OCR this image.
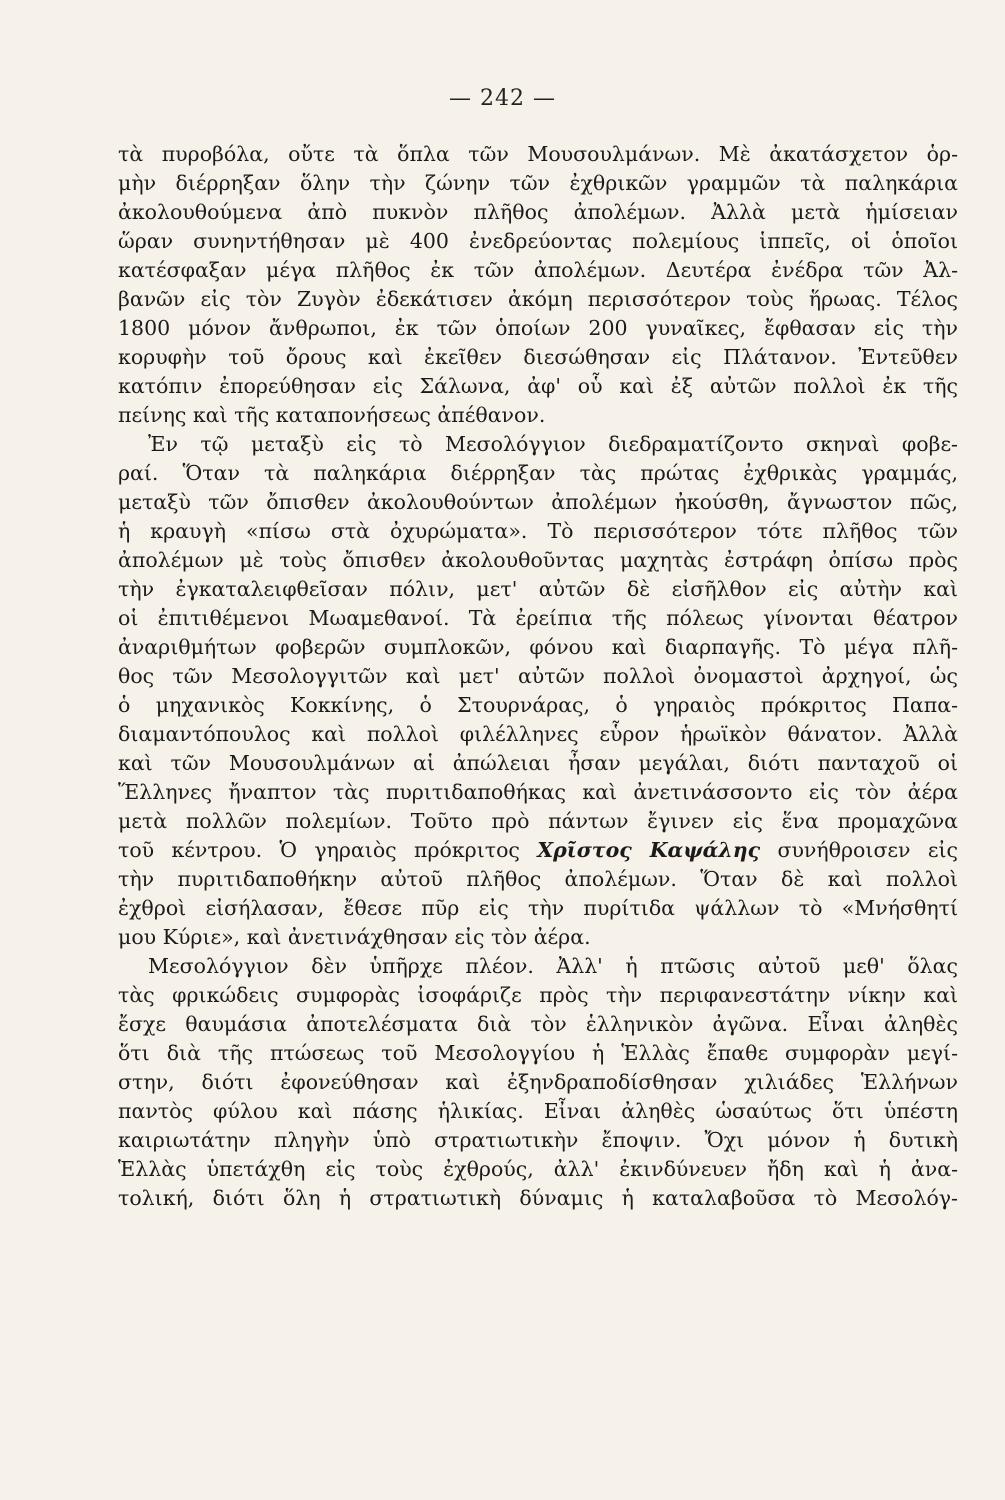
— 242 —
τὰ πυροβόλα, οὔτε τὰ ὅπλα τῶν Μουσουλμάνων. Μὲ ἀκατάσχετον ὁρ-
μὴν διέρρηξαν ὅλην τὴν ζώνην τῶν ἐχθρικῶν γραμμῶν τὰ παληκάρια
ἀκολουθούμενα ἀπὸ πυκνὸν πλῆθος ἀπολέμων. Ἀλλὰ μετὰ ἡμίσειαν
ὥραν συνηντήθησαν μὲ 400 ἐνεδρεύοντας πολεμίους ἱππεῖς, οἱ ὁποῖοι
κατέσφαξαν μέγα πλῆθος ἐκ τῶν ἀπολέμων. Δευτέρα ἐνέδρα τῶν Ἀλ-
βανῶν εἰς τὸν Ζυγὸν ἐδεκάτισεν ἀκόμη περισσότερον τοὺς ἥρωας. Τέλος
1800 μόνον ἄνθρωποι, ἐκ τῶν ὁποίων 200 γυναῖκες, ἔφθασαν εἰς τὴν
κορυφὴν τοῦ ὄρους καὶ ἐκεῖθεν διεσώθησαν εἰς Πλάτανον. Ἐντεῦθεν
κατόπιν ἐπορεύθησαν εἰς Σάλωνα, ἀφ' οὗ καὶ ἐξ αὐτῶν πολλοὶ ἐκ τῆς
πείνης καὶ τῆς καταπονήσεως ἀπέθανον.
Ἐν τῷ μεταξὺ εἰς τὸ Μεσολόγγιον διεδραματίζοντο σκηναὶ φοβε-
ραί. Ὅταν τὰ παληκάρια διέρρηξαν τὰς πρώτας ἐχθρικὰς γραμμάς,
μεταξὺ τῶν ὄπισθεν ἀκολουθούντων ἀπολέμων ἠκούσθη, ἄγνωστον πῶς,
ἡ κραυγὴ «πίσω στὰ ὀχυρώματα». Τὸ περισσότερον τότε πλῆθος τῶν
ἀπολέμων μὲ τοὺς ὄπισθεν ἀκολουθοῦντας μαχητὰς ἐστράφη ὀπίσω πρὸς
τὴν ἐγκαταλειφθεῖσαν πόλιν, μετ' αὐτῶν δὲ εἰσῆλθον εἰς αὐτὴν καὶ
οἱ ἐπιτιθέμενοι Μωαμεθανοί. Τὰ ἐρείπια τῆς πόλεως γίνονται θέατρον
ἀναριθμήτων φοβερῶν συμπλοκῶν, φόνου καὶ διαρπαγῆς. Τὸ μέγα πλῆ-
θος τῶν Μεσολογγιτῶν καὶ μετ' αὐτῶν πολλοὶ ὀνομαστοὶ ἀρχηγοί, ὡς
ὁ μηχανικὸς Κοκκίνης, ὁ Στουρνάρας, ὁ γηραιὸς πρόκριτος Παπα-
διαμαντόπουλος καὶ πολλοὶ φιλέλληνες εὗρον ἡρωϊκὸν θάνατον. Ἀλλὰ
καὶ τῶν Μουσουλμάνων αἱ ἀπώλειαι ἦσαν μεγάλαι, διότι πανταχοῦ οἱ
Ἕλληνες ἤναπτον τὰς πυριτιδαποθήκας καὶ ἀνετινάσσοντο εἰς τὸν ἀέρα
μετὰ πολλῶν πολεμίων. Τοῦτο πρὸ πάντων ἔγινεν εἰς ἕνα προμαχῶνα
τοῦ κέντρου. Ὁ γηραιὸς πρόκριτος Χρῖστος Καψάλης συνήθροισεν εἰς
τὴν πυριτιδαποθήκην αὐτοῦ πλῆθος ἀπολέμων. Ὅταν δὲ καὶ πολλοὶ
ἐχθροὶ εἰσήλασαν, ἔθεσε πῦρ εἰς τὴν πυρίτιδα ψάλλων τὸ «Μνήσθητί
μου Κύριε», καὶ ἀνετινάχθησαν εἰς τὸν ἀέρα.
Μεσολόγγιον δὲν ὑπῆρχε πλέον. Ἀλλ' ἡ πτῶσις αὐτοῦ μεθ' ὅλας
τὰς φρικώδεις συμφορὰς ἰσοφάριζε πρὸς τὴν περιφανεστάτην νίκην καὶ
ἔσχε θαυμάσια ἀποτελέσματα διὰ τὸν ἑλληνικὸν ἀγῶνα. Εἶναι ἀληθὲς
ὅτι διὰ τῆς πτώσεως τοῦ Μεσολογγίου ἡ Ἑλλὰς ἔπαθε συμφορὰν μεγί-
στην, διότι ἐφονεύθησαν καὶ ἐξηνδραποδίσθησαν χιλιάδες Ἑλλήνων
παντὸς φύλου καὶ πάσης ἡλικίας. Εἶναι ἀληθὲς ὡσαύτως ὅτι ὑπέστη
καιριωτάτην πληγὴν ὑπὸ στρατιωτικὴν ἔποψιν. Ὄχι μόνον ἡ δυτικὴ
Ἑλλὰς ὑπετάχθη εἰς τοὺς ἐχθρούς, ἀλλ' ἐκινδύνευεν ἤδη καὶ ἡ ἀνα-
τολική, διότι ὅλη ἡ στρατιωτικὴ δύναμις ἡ καταλαβοῦσα τὸ Μεσολόγ-
